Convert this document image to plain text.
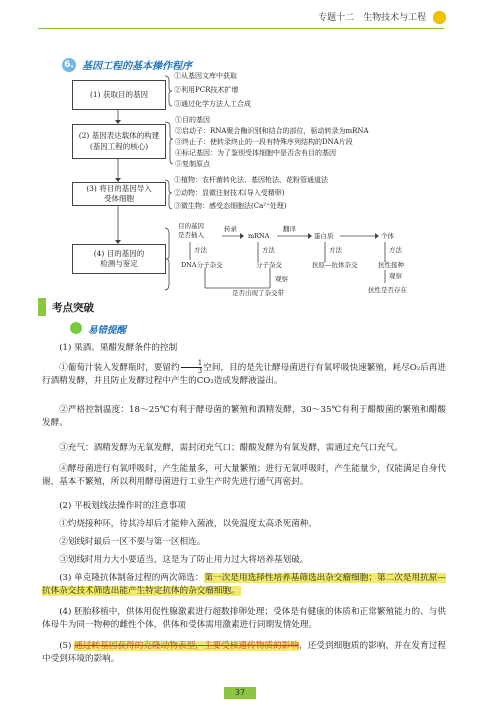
专题十二　生物技术与工程
6. 基因工程的基本操作程序
(1) 获取目的基因
(2) 基因表达载体的构建
(基因工程的核心)
(3) 将目的基因导入
受体细胞
(4) 目的基因的
检测与鉴定
①从基因文库中获取
②利用PCR技术扩增
③通过化学方法人工合成
①目的基因
②启动子：RNA聚合酶识别和结合的部位，驱动转录为mRNA
③终止子：使转录终止的一段有特殊序列结构的DNA片段
④标记基因：为了鉴别受体细胞中是否含有目的基因
⑤复制原点
①植物：农杆菌转化法、基因枪法、花粉管通道法
②动物：显微注射技术(导入受精卵)
③微生物：感受态细胞法(Ca²⁺处理)
目的基因
是否插入
转录
mRNA
翻译
蛋白质	个体
方法	方法	方法	方法
DNA分子杂交	分子杂交	抗原—抗体杂交	抗性接种
观察	观察
是否出现了杂交带	抗性是否存在
考点突破
易错提醒
(1) 果酒、果醋发酵条件的控制
①葡萄汁装入发酵瓶时，要留约 $\frac{1}{3}$ 空间，目的是先让酵母菌进行有氧呼吸快速繁殖，耗尽O₂后再进行酒精发酵，并且防止发酵过程中产生的CO₂造成发酵液溢出。
②严格控制温度：18～25℃有利于酵母菌的繁殖和酒精发酵，30～35℃有利于醋酸菌的繁殖和醋酸发酵。
③充气：酒精发酵为无氧发酵，需封闭充气口；醋酸发酵为有氧发酵，需通过充气口充气。
④酵母菌进行有氧呼吸时，产生能量多，可大量繁殖；进行无氧呼吸时，产生能量少，仅能满足自身代谢，基本不繁殖，所以利用酵母菌进行工业生产时先进行通气再密封。
(2) 平板划线法操作时的注意事项
①灼烧接种环，待其冷却后才能伸入菌液，以免温度太高杀死菌种。
②划线时最后一区不要与第一区相连。
③划线时用力大小要适当，这是为了防止用力过大将培养基划破。
(3) 单克隆抗体制备过程的两次筛选：第一次是用选择性培养基筛选出杂交瘤细胞；第二次是用抗原—抗体杂交技术筛选出能产生特定抗体的杂交瘤细胞。
(4) 胚胎移植中，供体用促性腺激素进行超数排卵处理；受体是有健康的体质和正常繁殖能力的、与供体母牛为同一物种的雌性个体，供体和受体需用激素进行同期发情处理。
(5) 通过转基因获得的克隆动物表型，主要受核遗传物质的影响，还受到细胞质的影响，并在发育过程中受到环境的影响。
37
